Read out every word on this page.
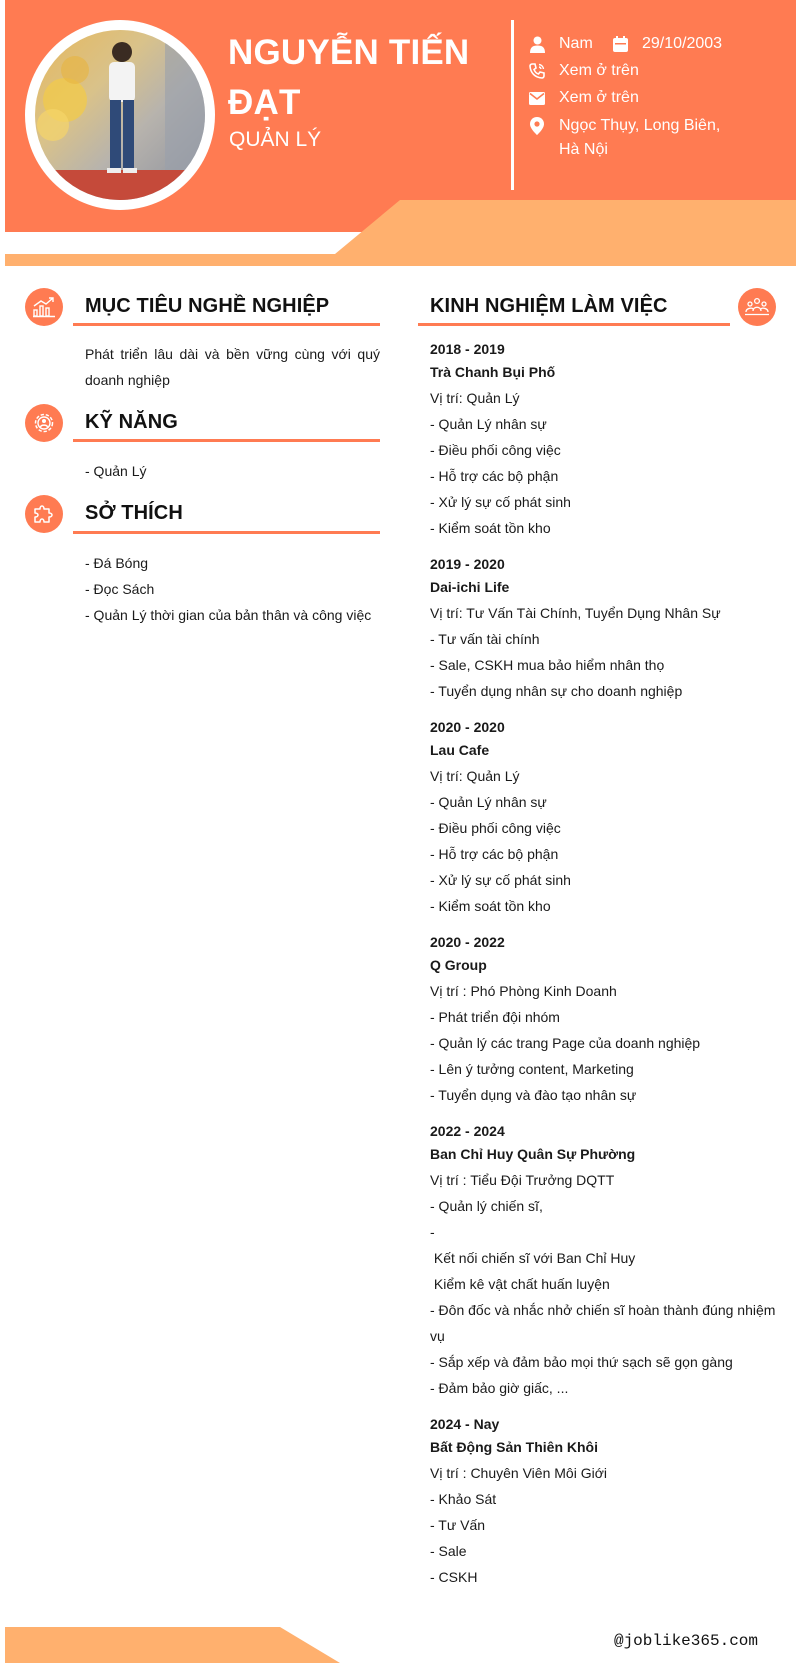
NGUYỄN TIẾN ĐẠT
QUẢN LÝ
Nam	29/10/2003
Xem ở trên
Xem ở trên
Ngọc Thụy, Long Biên, Hà Nội
MỤC TIÊU NGHỀ NGHIỆP
Phát triển lâu dài và bền vững cùng với quý doanh nghiệp
KỸ NĂNG
- Quản Lý
SỞ THÍCH
- Đá Bóng
- Đọc Sách
- Quản Lý thời gian của bản thân và công việc
KINH NGHIỆM LÀM VIỆC
2018 - 2019
Trà Chanh Bụi Phố
Vị trí: Quản Lý
- Quản Lý nhân sự
- Điều phối công việc
- Hỗ trợ các bộ phận
- Xử lý sự cố phát sinh
- Kiểm soát tồn kho
2019 - 2020
Dai-ichi Life
Vị trí: Tư Vấn Tài Chính, Tuyển Dụng Nhân Sự
- Tư vấn tài chính
- Sale, CSKH mua bảo hiểm nhân thọ
- Tuyển dụng nhân sự cho doanh nghiệp
2020 - 2020
Lau Cafe
Vị trí: Quản Lý
- Quản Lý nhân sự
- Điều phối công việc
- Hỗ trợ các bộ phận
- Xử lý sự cố phát sinh
- Kiểm soát tồn kho
2020 - 2022
Q Group
Vị trí : Phó Phòng Kinh Doanh
- Phát triển đội nhóm
- Quản lý các trang Page của doanh nghiệp
- Lên ý tưởng content, Marketing
- Tuyển dụng và đào tạo nhân sự
2022 - 2024
Ban Chỉ Huy Quân Sự Phường
Vị trí : Tiểu Đội Trưởng DQTT
- Quản lý chiến sĩ,
-
Kết nối chiến sĩ với Ban Chỉ Huy
Kiểm kê vật chất huấn luyện
- Đôn đốc và nhắc nhở chiến sĩ hoàn thành đúng nhiệm vụ
- Sắp xếp và đảm bảo mọi thứ sạch sẽ gọn gàng
- Đảm bảo giờ giấc, ...
2024 - Nay
Bất Động Sản Thiên Khôi
Vị trí : Chuyên Viên Môi Giới
- Khảo Sát
- Tư Vấn
- Sale
- CSKH
@joblike365.com
